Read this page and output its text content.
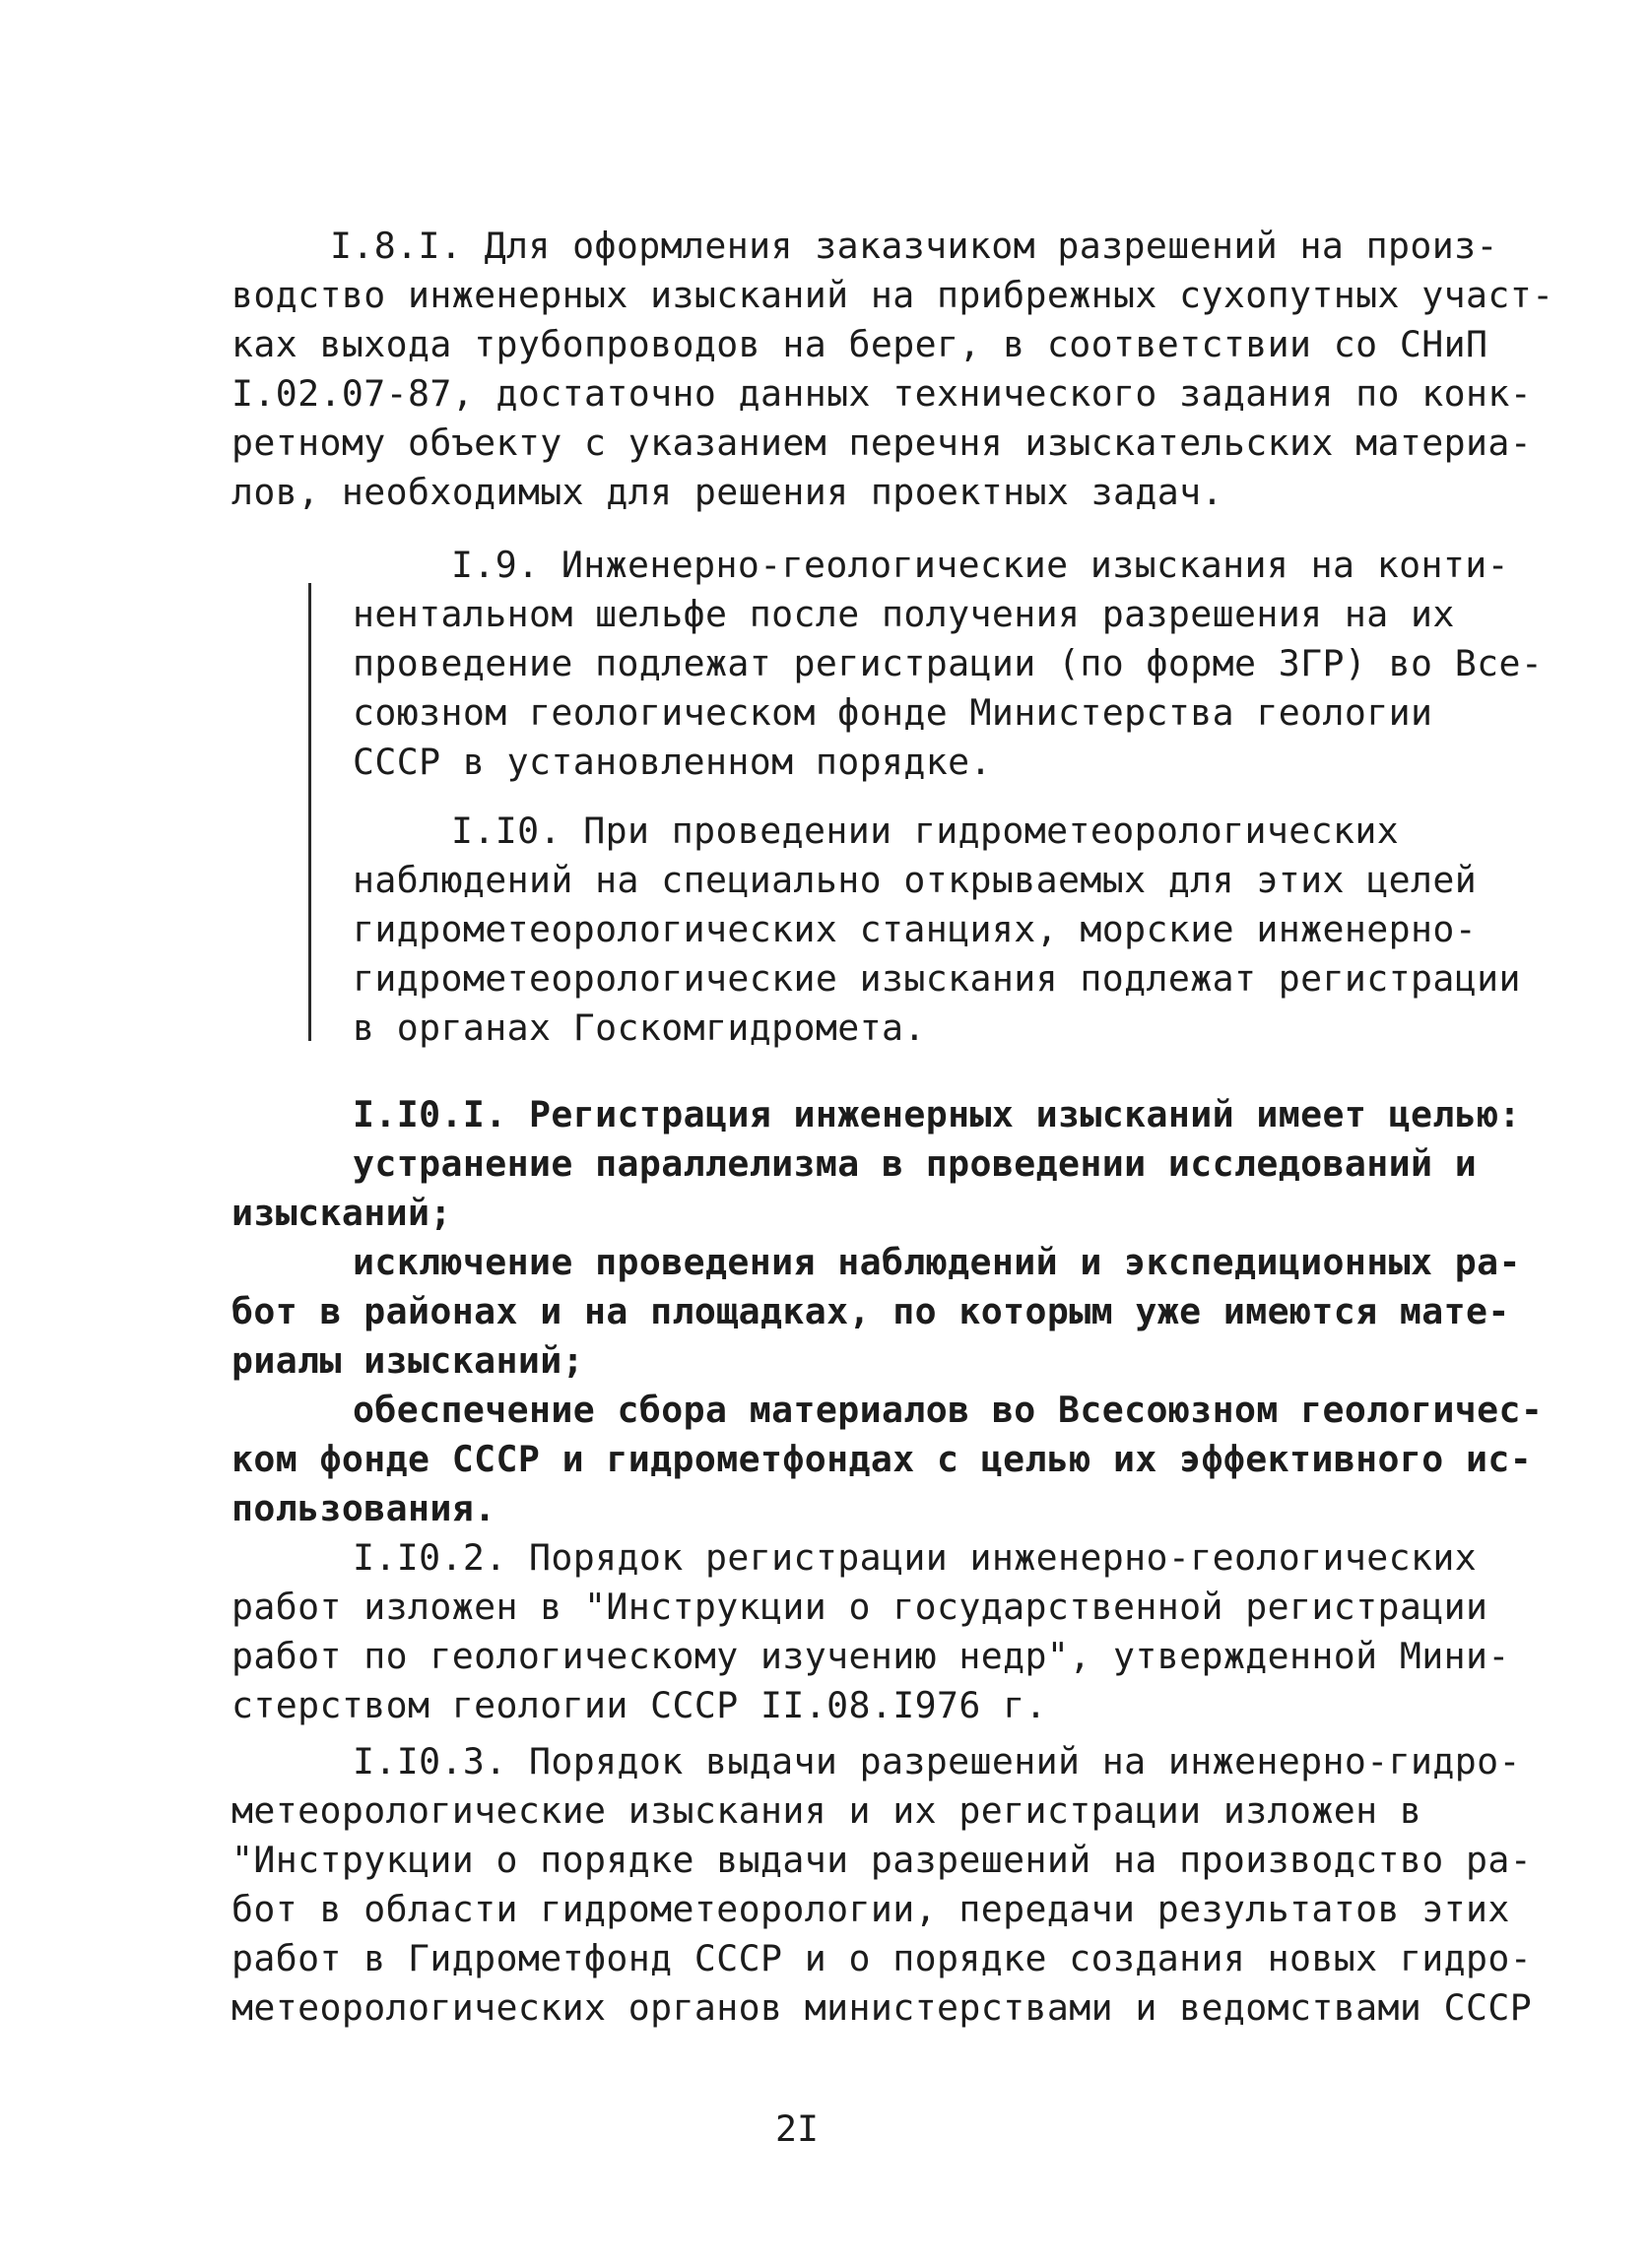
I.8.I. Для оформления заказчиком разрешений на произ-
водство инженерных изысканий на прибрежных сухопутных участ-
ках выхода трубопроводов на берег, в соответствии со СНиП
I.02.07-87, достаточно данных технического задания по конк-
ретному объекту с указанием перечня изыскательских материа-
лов, необходимых для решения проектных задач.
I.9. Инженерно-геологические изыскания на конти-
нентальном шельфе после получения разрешения на их
проведение подлежат регистрации (по форме ЗГР) во Все-
союзном геологическом фонде Министерства геологии
СССР в установленном порядке.
I.I0. При проведении гидрометеорологических
наблюдений на специально открываемых для этих целей
гидрометеорологических станциях, морские инженерно-
гидрометеорологические изыскания подлежат регистрации
в органах Госкомгидромета.
I.I0.I. Регистрация инженерных изысканий имеет целью:
устранение параллелизма в проведении исследований и
изысканий;
исключение проведения наблюдений и экспедиционных ра-
бот в районах и на площадках, по которым уже имеются мате-
риалы изысканий;
обеспечение сбора материалов во Всесоюзном геологичес-
ком фонде СССР и гидрометфондах с целью их эффективного ис-
пользования.
I.I0.2. Порядок регистрации инженерно-геологических
работ изложен в "Инструкции о государственной регистрации
работ по геологическому изучению недр", утвержденной Мини-
стерством геологии СССР II.08.I976 г.
I.I0.3. Порядок выдачи разрешений на инженерно-гидро-
метеорологические изыскания и их регистрации изложен в
"Инструкции о порядке выдачи разрешений на производство ра-
бот в области гидрометеорологии, передачи результатов этих
работ в Гидрометфонд СССР и о порядке создания новых гидро-
метеорологических органов министерствами и ведомствами СССР
2I
